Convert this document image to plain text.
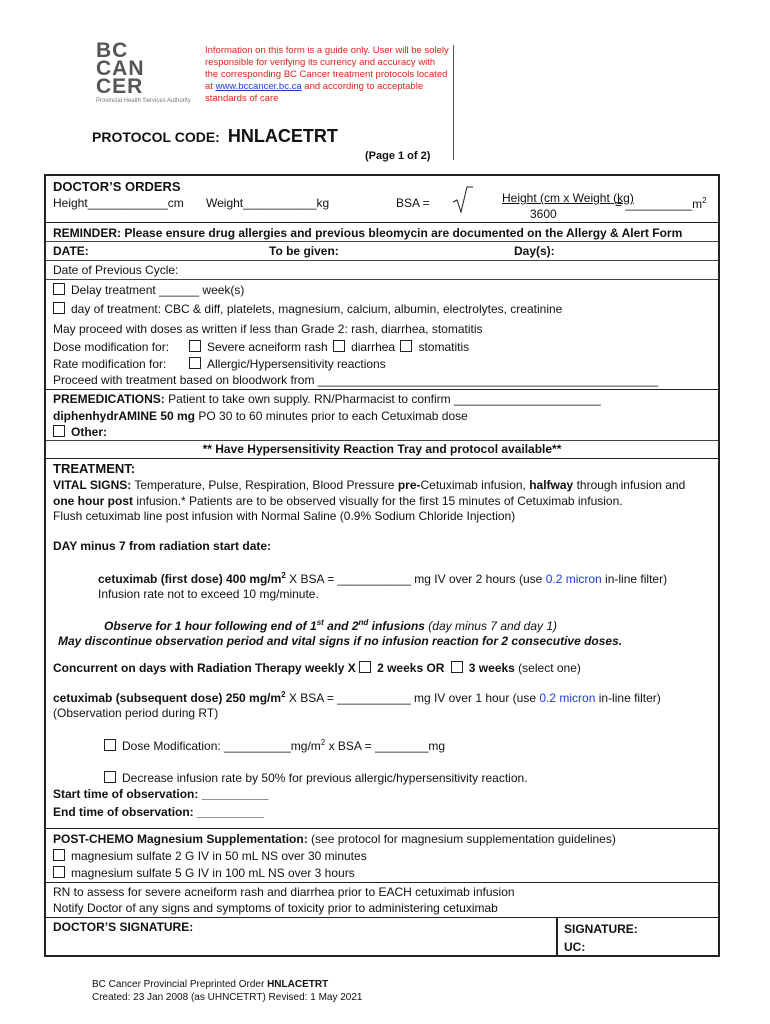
BC
CAN
CER
Provincial Health Services Authority
Information on this form is a guide only. User will be solely responsible for verifying its currency and accuracy with the corresponding BC Cancer treatment protocols located at www.bccancer.bc.ca and according to acceptable standards of care
PROTOCOL CODE: HNLACETRT
(Page 1 of 2)
DOCTOR’S ORDERS
Height____________cm Weight___________kg	BSA =	Height (cm x Weight (kg)
3600
= $\_\_\_\_\_\_\_\_\_\_m^2$
REMINDER: Please ensure drug allergies and previous bleomycin are documented on the Allergy & Alert Form
DATE:	To be given:	Day(s):
Date of Previous Cycle:
Delay treatment ______ week(s)
day of treatment: CBC & diff, platelets, magnesium, calcium, albumin, electrolytes, creatinine
May proceed with doses as written if less than Grade 2: rash, diarrhea, stomatitis
Dose modification for:	Severe acneiform rash diarrhea stomatitis
Rate modification for:	Allergic/Hypersensitivity reactions
Proceed with treatment based on bloodwork from ___________________________________________________
PREMEDICATIONS: Patient to take own supply. RN/Pharmacist to confirm ______________________
diphenhydrAMINE 50 mg PO 30 to 60 minutes prior to each Cetuximab dose
Other:
** Have Hypersensitivity Reaction Tray and protocol available**
TREATMENT:
VITAL SIGNS: Temperature, Pulse, Respiration, Blood Pressure pre-Cetuximab infusion, halfway through infusion and
one hour post infusion.* Patients are to be observed visually for the first 15 minutes of Cetuximab infusion.
Flush cetuximab line post infusion with Normal Saline (0.9% Sodium Chloride Injection)
DAY minus 7 from radiation start date:
cetuximab (first dose) 400 $mg/m^2$ X BSA = ___________ mg IV over 2 hours (use 0.2 micron in-line filter)
Infusion rate not to exceed 10 mg/minute.
Observe for 1 hour following end of 1st and 2nd infusions (day minus 7 and day 1)
May discontinue observation period and vital signs if no infusion reaction for 2 consecutive doses.
Concurrent on days with Radiation Therapy weekly X 2 weeks OR 3 weeks (select one)
cetuximab (subsequent dose) 250 $mg/m^2$ X BSA = ___________ mg IV over 1 hour (use 0.2 micron in-line filter)
(Observation period during RT)
Dose Modification: $\_\_\_\_\_\_\_\_\_\_mg/m^2$ x BSA = ________mg
Decrease infusion rate by 50% for previous allergic/hypersensitivity reaction.
Start time of observation: __________
End time of observation: __________
POST-CHEMO Magnesium Supplementation: (see protocol for magnesium supplementation guidelines)
magnesium sulfate 2 G IV in 50 mL NS over 30 minutes
magnesium sulfate 5 G IV in 100 mL NS over 3 hours
RN to assess for severe acneiform rash and diarrhea prior to EACH cetuximab infusion
Notify Doctor of any signs and symptoms of toxicity prior to administering cetuximab
DOCTOR’S SIGNATURE:	SIGNATURE:
UC:
BC Cancer Provincial Preprinted Order HNLACETRT
Created: 23 Jan 2008 (as UHNCETRT) Revised: 1 May 2021
